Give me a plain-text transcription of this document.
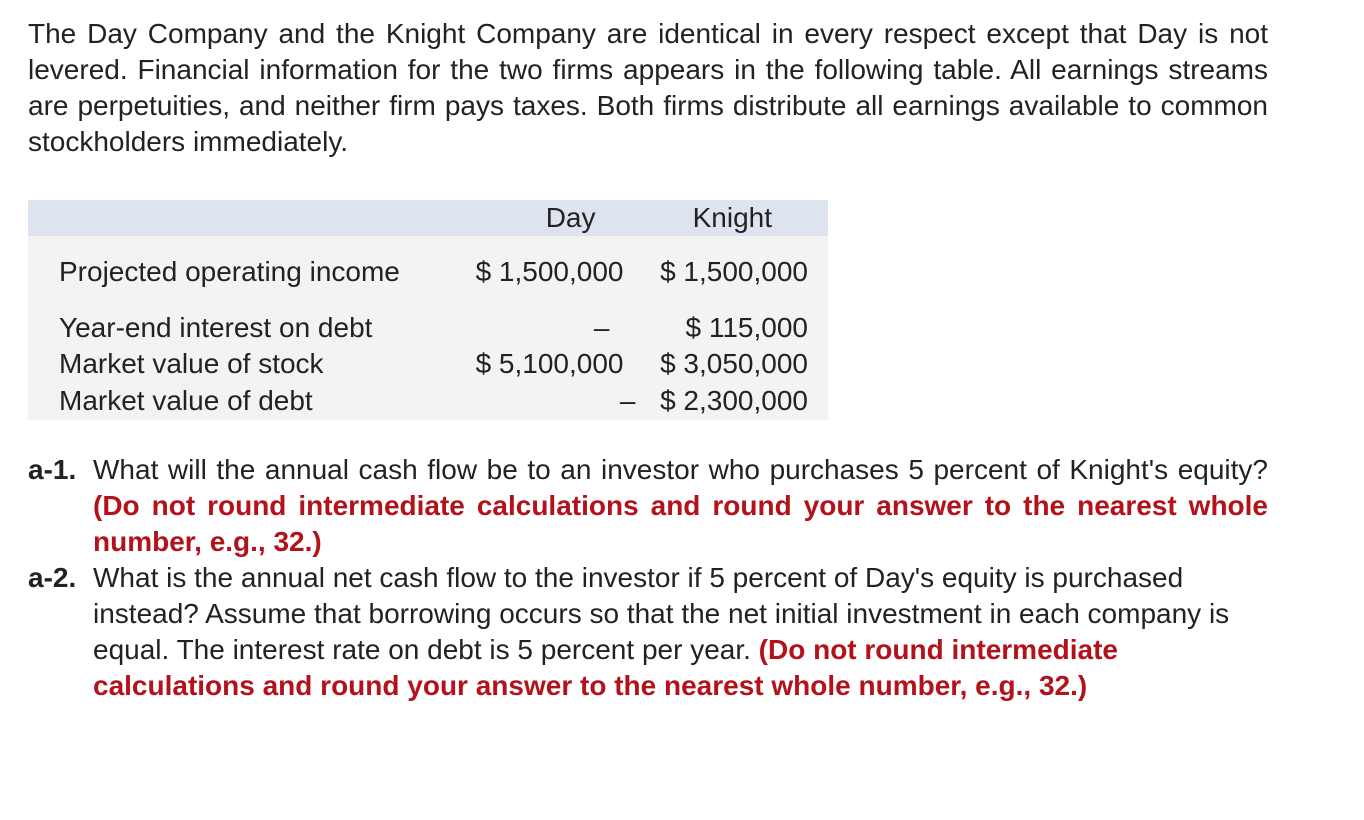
The Day Company and the Knight Company are identical in every respect except that Day is not levered. Financial information for the two firms appears in the following table. All earnings streams are perpetuities, and neither firm pays taxes. Both firms distribute all earnings available to common stockholders immediately.

	Day	Knight
Projected operating income	$ 1,500,000	$ 1,500,000
Year-end interest on debt	–	$ 115,000
Market value of stock	$ 5,100,000	$ 3,050,000
Market value of debt	–	$ 2,300,000
a-1. What will the annual cash flow be to an investor who purchases 5 percent of Knight's equity? (Do not round intermediate calculations and round your answer to the nearest whole number, e.g., 32.)
a-2. What is the annual net cash flow to the investor if 5 percent of Day's equity is purchased instead? Assume that borrowing occurs so that the net initial investment in each company is equal. The interest rate on debt is 5 percent per year. (Do not round intermediate calculations and round your answer to the nearest whole number, e.g., 32.)
